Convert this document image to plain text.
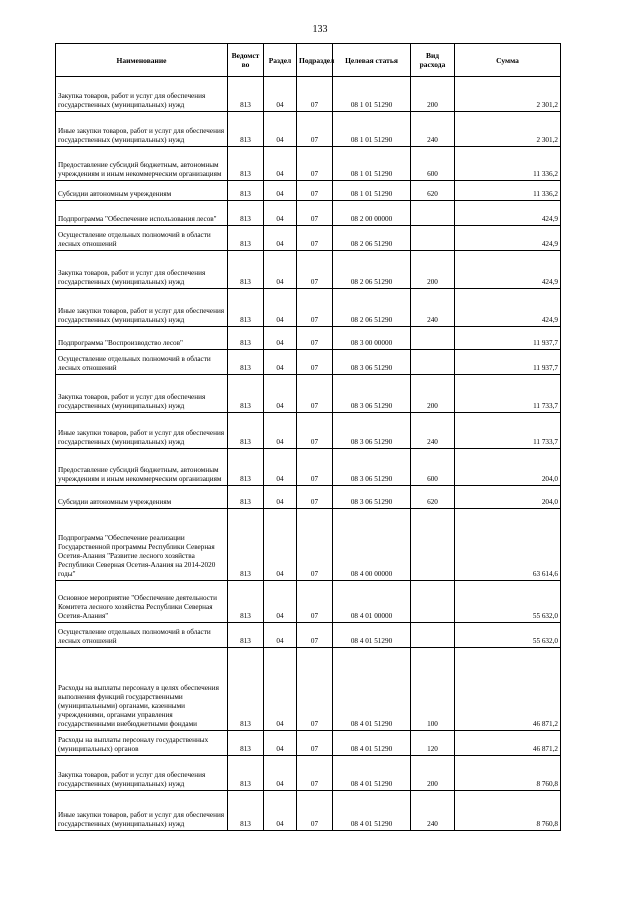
133
Наименование	Ведомст во	Раздел	Подраздел	Целевая статья	Вид расхода	Сумма
Закупка товаров, работ и услуг для обеспечения государственных (муниципальных) нужд	813	04	07	08 1 01 51290	200	2 301,2
Иные закупки товаров, работ и услуг для обеспечения государственных (муниципальных) нужд	813	04	07	08 1 01 51290	240	2 301,2
Предоставление субсидий бюджетным, автономным учреждениям и иным некоммерческим организациям	813	04	07	08 1 01 51290	600	11 336,2
Субсидии автономным учреждениям	813	04	07	08 1 01 51290	620	11 336,2
Подпрограмма "Обеспечение использования лесов"	813	04	07	08 2 00 00000		424,9
Осуществление отдельных полномочий в области лесных отношений	813	04	07	08 2 06 51290		424,9
Закупка товаров, работ и услуг для обеспечения государственных (муниципальных) нужд	813	04	07	08 2 06 51290	200	424,9
Иные закупки товаров, работ и услуг для обеспечения государственных (муниципальных) нужд	813	04	07	08 2 06 51290	240	424,9
Подпрограмма "Воспроизводство лесов"	813	04	07	08 3 00 00000		11 937,7
Осуществление отдельных полномочий в области лесных отношений	813	04	07	08 3 06 51290		11 937,7
Закупка товаров, работ и услуг для обеспечения государственных (муниципальных) нужд	813	04	07	08 3 06 51290	200	11 733,7
Иные закупки товаров, работ и услуг для обеспечения государственных (муниципальных) нужд	813	04	07	08 3 06 51290	240	11 733,7
Предоставление субсидий бюджетным, автономным учреждениям и иным некоммерческим организациям	813	04	07	08 3 06 51290	600	204,0
Субсидии автономным учреждениям	813	04	07	08 3 06 51290	620	204,0
Подпрограмма "Обеспечение реализации Государственной программы Республики Северная Осетия-Алания "Развитие лесного хозяйства Республики Северная Осетия-Алания на 2014-2020 годы"	813	04	07	08 4 00 00000		63 614,6
Основное мероприятие "Обеспечение деятельности Комитета лесного хозяйства Республики Северная Осетия-Алания"	813	04	07	08 4 01 00000		55 632,0
Осуществление отдельных полномочий в области лесных отношений	813	04	07	08 4 01 51290		55 632,0
Расходы на выплаты персоналу в целях обеспечения выполнения функций государственными (муниципальными) органами, казенными учреждениями, органами управления государственными внебюджетными фондами	813	04	07	08 4 01 51290	100	46 871,2
Расходы на выплаты персоналу государственных (муниципальных) органов	813	04	07	08 4 01 51290	120	46 871,2
Закупка товаров, работ и услуг для обеспечения государственных (муниципальных) нужд	813	04	07	08 4 01 51290	200	8 760,8
Иные закупки товаров, работ и услуг для обеспечения государственных (муниципальных) нужд	813	04	07	08 4 01 51290	240	8 760,8
